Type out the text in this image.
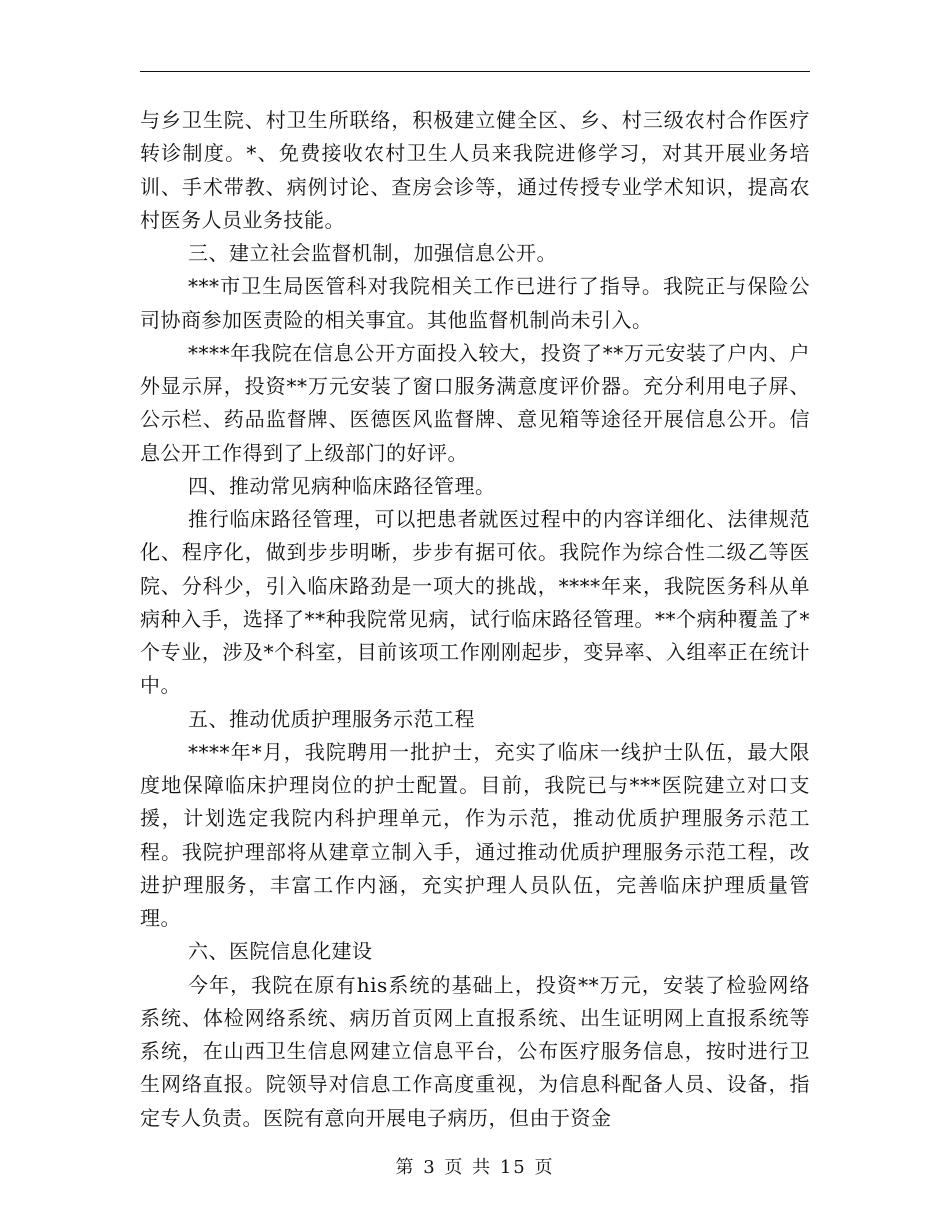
与乡卫生院、村卫生所联络，积极建立健全区、乡、村三级农村合作医疗转诊制度。*、免费接收农村卫生人员来我院进修学习，对其开展业务培训、手术带教、病例讨论、查房会诊等，通过传授专业学术知识，提高农村医务人员业务技能。

三、建立社会监督机制，加强信息公开。

***市卫生局医管科对我院相关工作已进行了指导。我院正与保险公司协商参加医责险的相关事宜。其他监督机制尚未引入。

****年我院在信息公开方面投入较大，投资了**万元安装了户内、户外显示屏，投资**万元安装了窗口服务满意度评价器。充分利用电子屏、公示栏、药品监督牌、医德医风监督牌、意见箱等途径开展信息公开。信息公开工作得到了上级部门的好评。

四、推动常见病种临床路径管理。

推行临床路径管理，可以把患者就医过程中的内容详细化、法律规范化、程序化，做到步步明晰，步步有据可依。我院作为综合性二级乙等医院、分科少，引入临床路劲是一项大的挑战，****年来，我院医务科从单病种入手，选择了**种我院常见病，试行临床路径管理。**个病种覆盖了*个专业，涉及*个科室，目前该项工作刚刚起步，变异率、入组率正在统计中。

五、推动优质护理服务示范工程

****年*月，我院聘用一批护士，充实了临床一线护士队伍，最大限度地保障临床护理岗位的护士配置。目前，我院已与***医院建立对口支援，计划选定我院内科护理单元，作为示范，推动优质护理服务示范工程。我院护理部将从建章立制入手，通过推动优质护理服务示范工程，改进护理服务，丰富工作内涵，充实护理人员队伍，完善临床护理质量管理。

六、医院信息化建设

今年，我院在原有his系统的基础上，投资**万元，安装了检验网络系统、体检网络系统、病历首页网上直报系统、出生证明网上直报系统等系统，在山西卫生信息网建立信息平台，公布医疗服务信息，按时进行卫生网络直报。院领导对信息工作高度重视，为信息科配备人员、设备，指定专人负责。医院有意向开展电子病历，但由于资金

第 3 页 共 15 页
